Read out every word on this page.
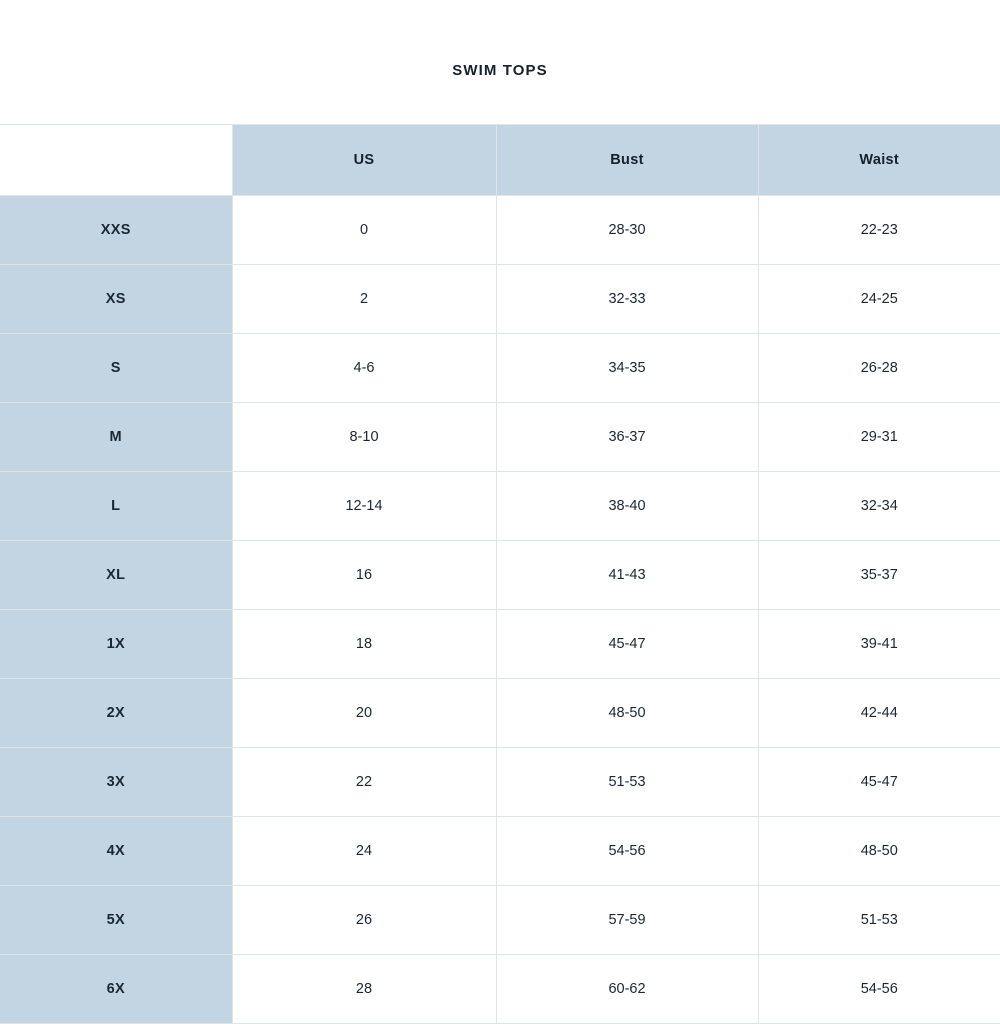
SWIM TOPS
	US	Bust	Waist
XXS	0	28-30	22-23
XS	2	32-33	24-25
S	4-6	34-35	26-28
M	8-10	36-37	29-31
L	12-14	38-40	32-34
XL	16	41-43	35-37
1X	18	45-47	39-41
2X	20	48-50	42-44
3X	22	51-53	45-47
4X	24	54-56	48-50
5X	26	57-59	51-53
6X	28	60-62	54-56
